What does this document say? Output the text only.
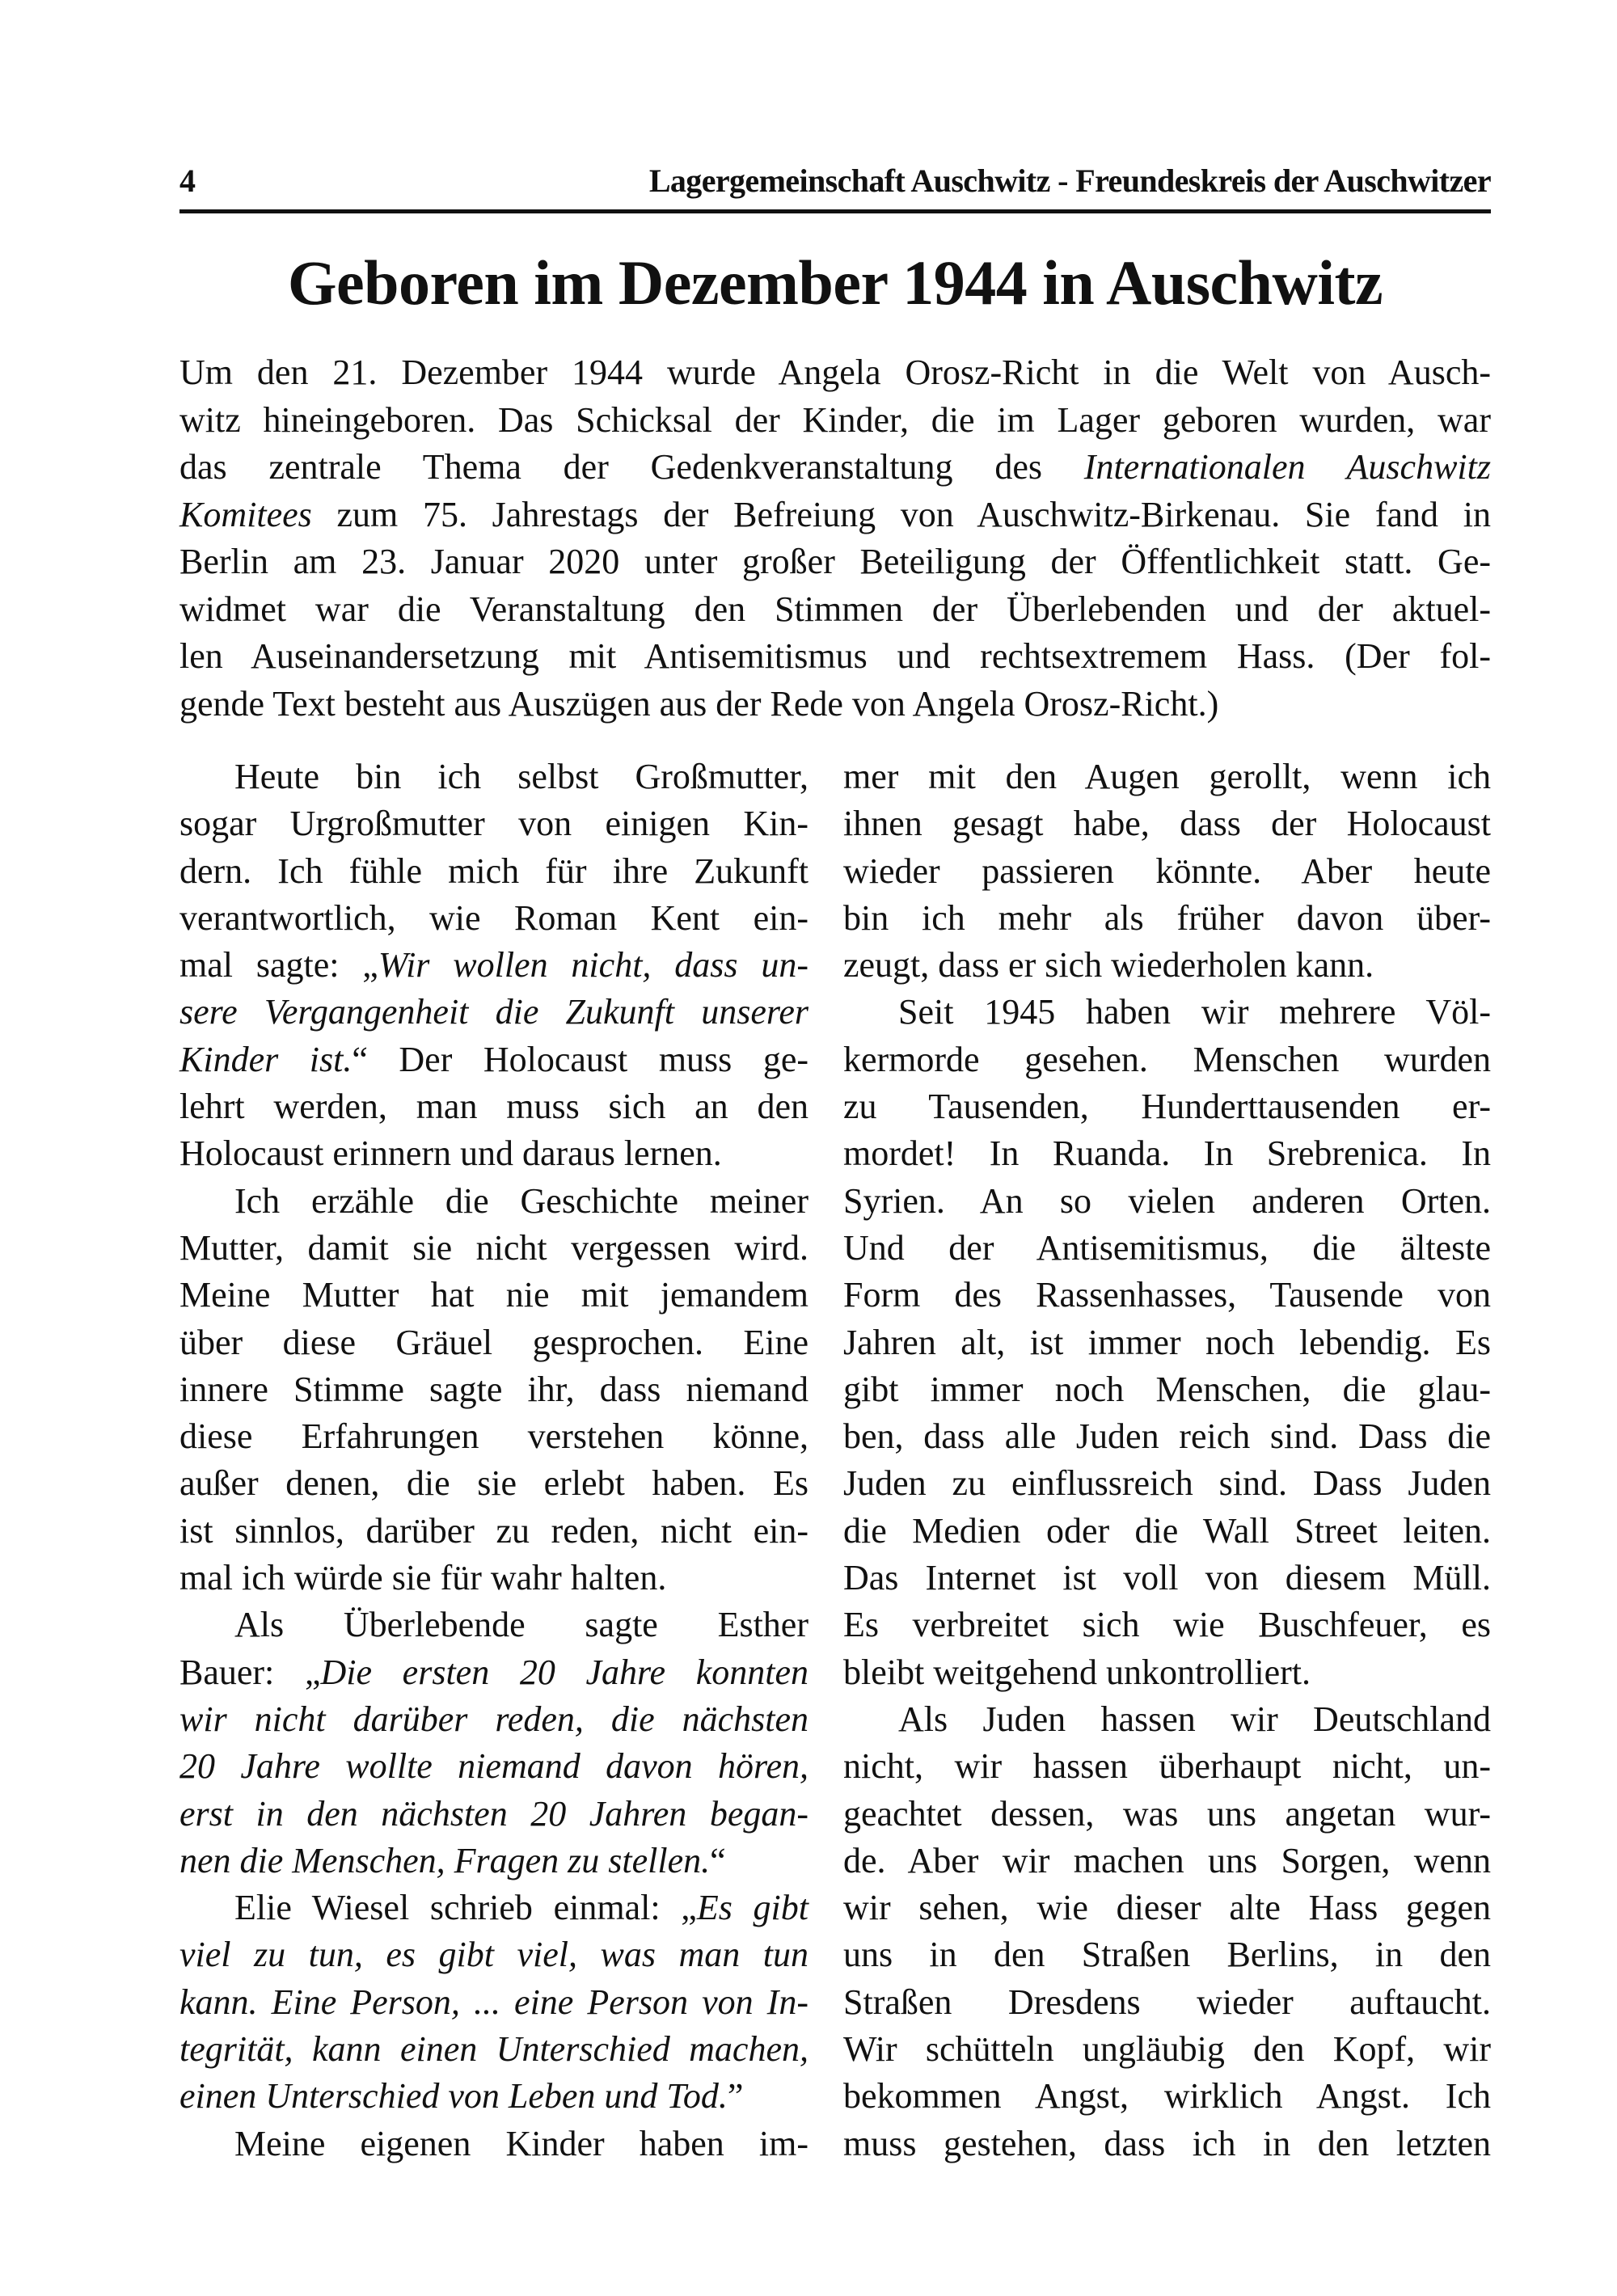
4	Lagergemeinschaft Auschwitz - Freundeskreis der Auschwitzer
Geboren im Dezember 1944 in Auschwitz
Um den 21. Dezember 1944 wurde Angela Orosz-Richt in die Welt von Ausch-
witz hineingeboren. Das Schicksal der Kinder, die im Lager geboren wurden, war
das zentrale Thema der Gedenkveranstaltung des Internationalen Auschwitz
Komitees zum 75. Jahrestags der Befreiung von Auschwitz-Birkenau. Sie fand in
Berlin am 23. Januar 2020 unter großer Beteiligung der Öffentlichkeit statt. Ge-
widmet war die Veranstaltung den Stimmen der Überlebenden und der aktuel-
len Auseinandersetzung mit Antisemitismus und rechtsextremem Hass. (Der fol-
gende Text besteht aus Auszügen aus der Rede von Angela Orosz-Richt.)
Heute bin ich selbst Großmutter,
sogar Urgroßmutter von einigen Kin-
dern. Ich fühle mich für ihre Zukunft
verantwortlich, wie Roman Kent ein-
mal sagte: „Wir wollen nicht, dass un-
sere Vergangenheit die Zukunft unserer
Kinder ist.“ Der Holocaust muss ge-
lehrt werden, man muss sich an den
Holocaust erinnern und daraus lernen.
Ich erzähle die Geschichte meiner
Mutter, damit sie nicht vergessen wird.
Meine Mutter hat nie mit jemandem
über diese Gräuel gesprochen. Eine
innere Stimme sagte ihr, dass niemand
diese Erfahrungen verstehen könne,
außer denen, die sie erlebt haben. Es
ist sinnlos, darüber zu reden, nicht ein-
mal ich würde sie für wahr halten.
Als Überlebende sagte Esther
Bauer: „Die ersten 20 Jahre konnten
wir nicht darüber reden, die nächsten
20 Jahre wollte niemand davon hören,
erst in den nächsten 20 Jahren began-
nen die Menschen, Fragen zu stellen.“
Elie Wiesel schrieb einmal: „Es gibt
viel zu tun, es gibt viel, was man tun
kann. Eine Person, ... eine Person von In-
tegrität, kann einen Unterschied machen,
einen Unterschied von Leben und Tod.”
Meine eigenen Kinder haben im-
mer mit den Augen gerollt, wenn ich
ihnen gesagt habe, dass der Holocaust
wieder passieren könnte. Aber heute
bin ich mehr als früher davon über-
zeugt, dass er sich wiederholen kann.
Seit 1945 haben wir mehrere Völ-
kermorde gesehen. Menschen wurden
zu Tausenden, Hunderttausenden er-
mordet! In Ruanda. In Srebrenica. In
Syrien. An so vielen anderen Orten.
Und der Antisemitismus, die älteste
Form des Rassenhasses, Tausende von
Jahren alt, ist immer noch lebendig. Es
gibt immer noch Menschen, die glau-
ben, dass alle Juden reich sind. Dass die
Juden zu einflussreich sind. Dass Juden
die Medien oder die Wall Street leiten.
Das Internet ist voll von diesem Müll.
Es verbreitet sich wie Buschfeuer, es
bleibt weitgehend unkontrolliert.
Als Juden hassen wir Deutschland
nicht, wir hassen überhaupt nicht, un-
geachtet dessen, was uns angetan wur-
de. Aber wir machen uns Sorgen, wenn
wir sehen, wie dieser alte Hass gegen
uns in den Straßen Berlins, in den
Straßen Dresdens wieder auftaucht.
Wir schütteln ungläubig den Kopf, wir
bekommen Angst, wirklich Angst. Ich
muss gestehen, dass ich in den letzten
